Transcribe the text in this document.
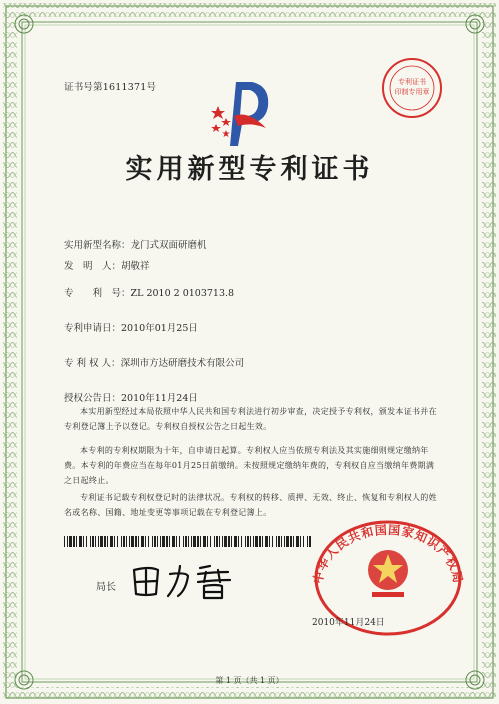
专利证书
印制专用章
证书号第1611371号
实用新型专利证书
实用新型名称：龙门式双面研磨机
发　明　人：胡敬祥
专　　利　号：ZL 2010 2 0103713.8
专利申请日：2010年01月25日
专 利 权 人：深圳市方达研磨技术有限公司
授权公告日：2010年11月24日
本实用新型经过本局依照中华人民共和国专利法进行初步审查，决定授予专利权，颁发本证书并在专利登记簿上予以登记。专利权自授权公告之日起生效。
本专利的专利权期限为十年，自申请日起算。专利权人应当依照专利法及其实施细则规定缴纳年费。本专利的年费应当在每年01月25日前缴纳。未按照规定缴纳年费的，专利权自应当缴纳年费期满之日起终止。
专利证书记载专利权登记时的法律状况。专利权的转移、质押、无效、终止、恢复和专利权人的姓名或名称、国籍、地址变更等事项记载在专利登记簿上。
局长
中华人民共和国国家知识产权局
2010年11月24日
第 1 页（共 1 页）
